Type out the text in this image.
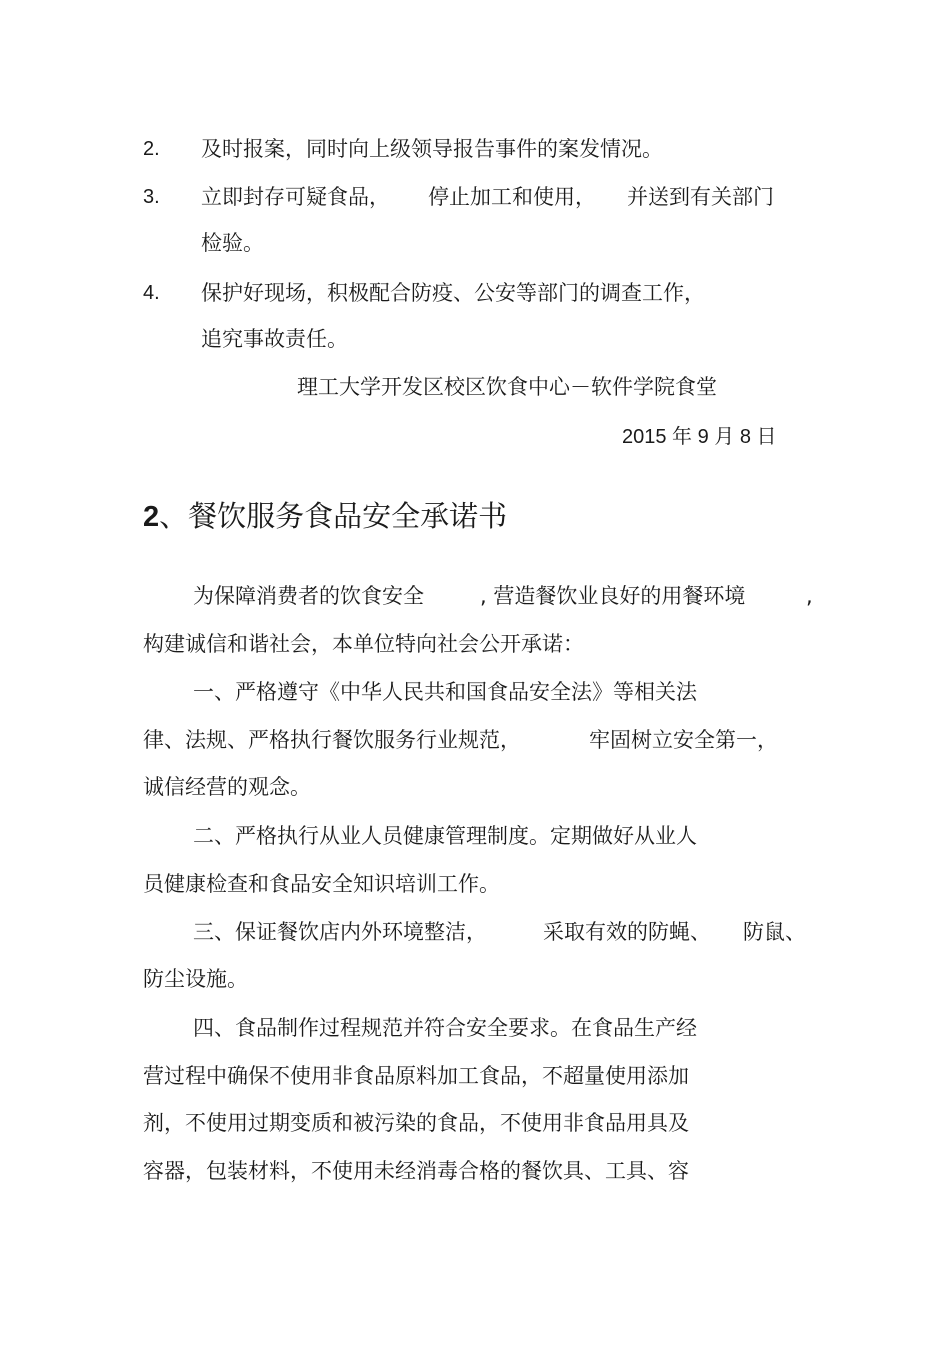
2. 及时报案，同时向上级领导报告事件的案发情况。
3. 立即封存可疑食品， 停止加工和使用， 并送到有关部门
检验。
4. 保护好现场，积极配合防疫、公安等部门的调查工作，
追究事故责任。
理工大学开发区校区饮食中心－软件学院食堂
2015 年 9 月 8 日
2、餐饮服务食品安全承诺书
为保障消费者的饮食安全	, 营造餐饮业良好的用餐环境	,
构建诚信和谐社会，本单位特向社会公开承诺：
一、严格遵守《中华人民共和国食品安全法》等相关法
律、法规、严格执行餐饮服务行业规范，	牢固树立安全第一，
诚信经营的观念。
二、严格执行从业人员健康管理制度。定期做好从业人
员健康检查和食品安全知识培训工作。
三、保证餐饮店内外环境整洁，	采取有效的防蝇、 防鼠、
防尘设施。
四、食品制作过程规范并符合安全要求。在食品生产经
营过程中确保不使用非食品原料加工食品，不超量使用添加
剂，不使用过期变质和被污染的食品，不使用非食品用具及
容器，包装材料，不使用未经消毒合格的餐饮具、工具、容
